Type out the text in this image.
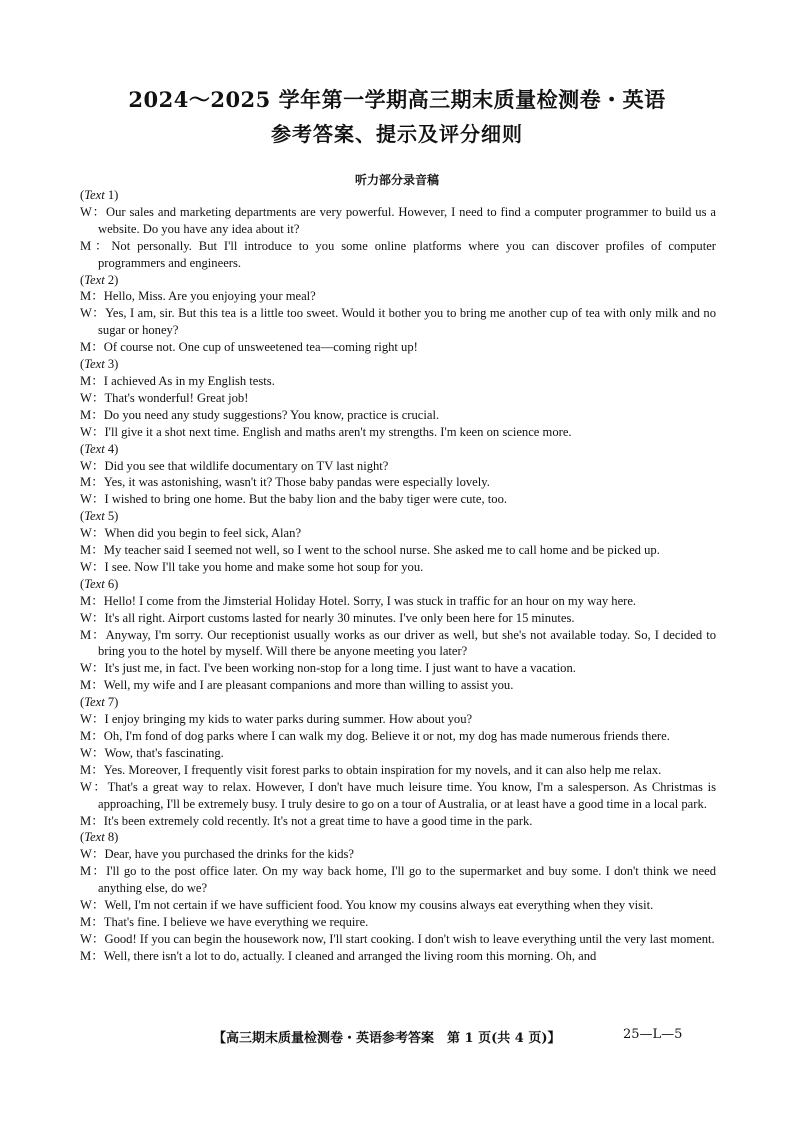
2024～2025 学年第一学期高三期末质量检测卷・英语
参考答案、提示及评分细则
听力部分录音稿
(Text 1)
W：Our sales and marketing departments are very powerful. However, I need to find a computer programmer to build us a website. Do you have any idea about it?
M：Not personally. But I'll introduce to you some online platforms where you can discover profiles of computer programmers and engineers.
(Text 2)
M：Hello, Miss. Are you enjoying your meal?
W：Yes, I am, sir. But this tea is a little too sweet. Would it bother you to bring me another cup of tea with only milk and no sugar or honey?
M：Of course not. One cup of unsweetened tea—coming right up!
(Text 3)
M：I achieved As in my English tests.
W：That's wonderful! Great job!
M：Do you need any study suggestions? You know, practice is crucial.
W：I'll give it a shot next time. English and maths aren't my strengths. I'm keen on science more.
(Text 4)
W：Did you see that wildlife documentary on TV last night?
M：Yes, it was astonishing, wasn't it? Those baby pandas were especially lovely.
W：I wished to bring one home. But the baby lion and the baby tiger were cute, too.
(Text 5)
W：When did you begin to feel sick, Alan?
M：My teacher said I seemed not well, so I went to the school nurse. She asked me to call home and be picked up.
W：I see. Now I'll take you home and make some hot soup for you.
(Text 6)
M：Hello! I come from the Jimsterial Holiday Hotel. Sorry, I was stuck in traffic for an hour on my way here.
W：It's all right. Airport customs lasted for nearly 30 minutes. I've only been here for 15 minutes.
M：Anyway, I'm sorry. Our receptionist usually works as our driver as well, but she's not available today. So, I decided to bring you to the hotel by myself. Will there be anyone meeting you later?
W：It's just me, in fact. I've been working non-stop for a long time. I just want to have a vacation.
M：Well, my wife and I are pleasant companions and more than willing to assist you.
(Text 7)
W：I enjoy bringing my kids to water parks during summer. How about you?
M：Oh, I'm fond of dog parks where I can walk my dog. Believe it or not, my dog has made numerous friends there.
W：Wow, that's fascinating.
M：Yes. Moreover, I frequently visit forest parks to obtain inspiration for my novels, and it can also help me relax.
W：That's a great way to relax. However, I don't have much leisure time. You know, I'm a salesperson. As Christmas is approaching, I'll be extremely busy. I truly desire to go on a tour of Australia, or at least have a good time in a local park.
M：It's been extremely cold recently. It's not a great time to have a good time in the park.
(Text 8)
W：Dear, have you purchased the drinks for the kids?
M：I'll go to the post office later. On my way back home, I'll go to the supermarket and buy some. I don't think we need anything else, do we?
W：Well, I'm not certain if we have sufficient food. You know my cousins always eat everything when they visit.
M：That's fine. I believe we have everything we require.
W：Good! If you can begin the housework now, I'll start cooking. I don't wish to leave everything until the very last moment.
M：Well, there isn't a lot to do, actually. I cleaned and arranged the living room this morning. Oh, and
【高三期末质量检测卷・英语参考答案　第 1 页(共 4 页)】	25—L—5
